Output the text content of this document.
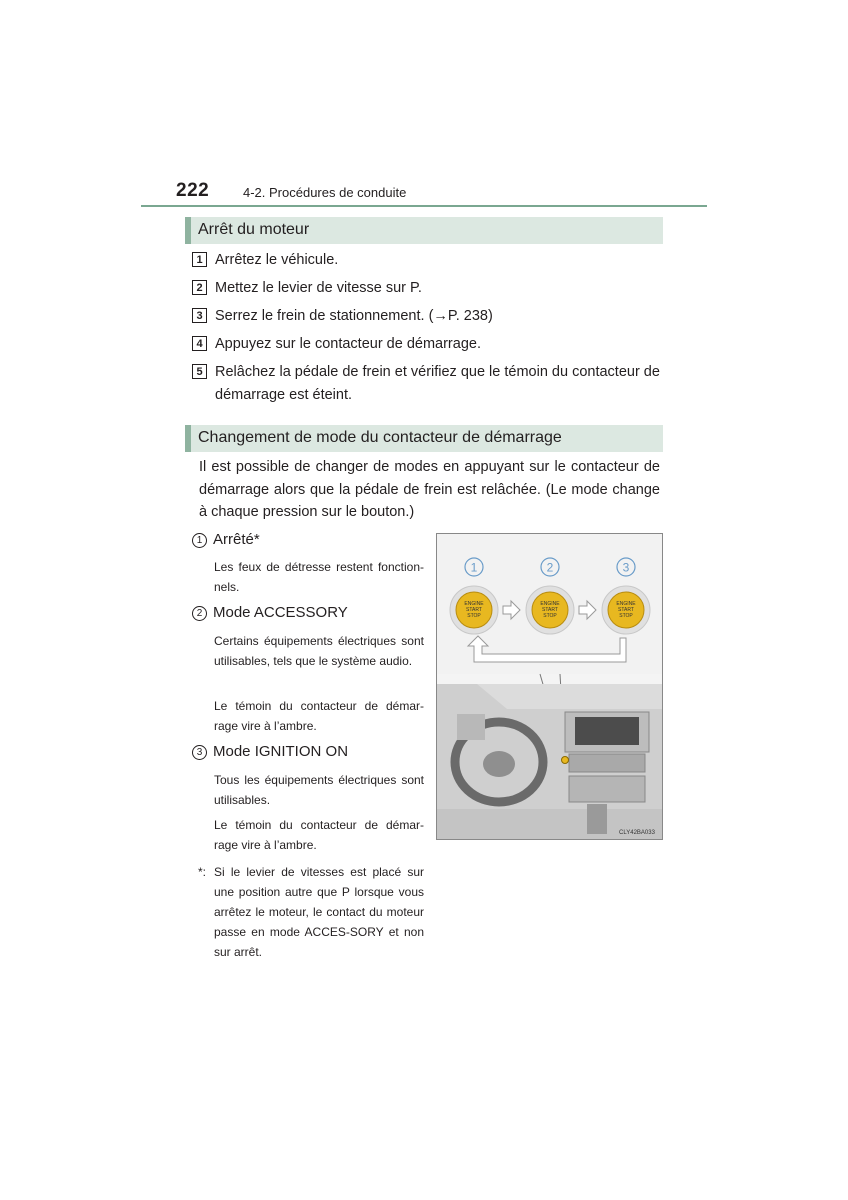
222	4-2. Procédures de conduite
Arrêt du moteur
1 Arrêtez le véhicule.
2 Mettez le levier de vitesse sur P.
3 Serrez le frein de stationnement. (→P. 238)
4 Appuyez sur le contacteur de démarrage.
5 Relâchez la pédale de frein et vérifiez que le témoin du contacteur de
démarrage est éteint.
Changement de mode du contacteur de démarrage
Il est possible de changer de modes en appuyant sur le contacteur de démarrage alors que la pédale de frein est relâchée. (Le mode change à chaque pression sur le bouton.)
1 Arrêté*
Les feux de détresse restent fonction-nels.
2 Mode ACCESSORY
Certains équipements électriques sont utilisables, tels que le système audio.
Le témoin du contacteur de démar-rage vire à l’ambre.
3 Mode IGNITION ON
Tous les équipements électriques sont utilisables.
Le témoin du contacteur de démar-rage vire à l’ambre.
*: Si le levier de vitesses est placé sur une position autre que P lorsque vous arrêtez le moteur, le contact du moteur passe en mode ACCES-SORY et non sur arrêt.
1	2	3
ENGINE
START
STOP
ENGINE
START
STOP
ENGINE
START
STOP
CLY42BA033
